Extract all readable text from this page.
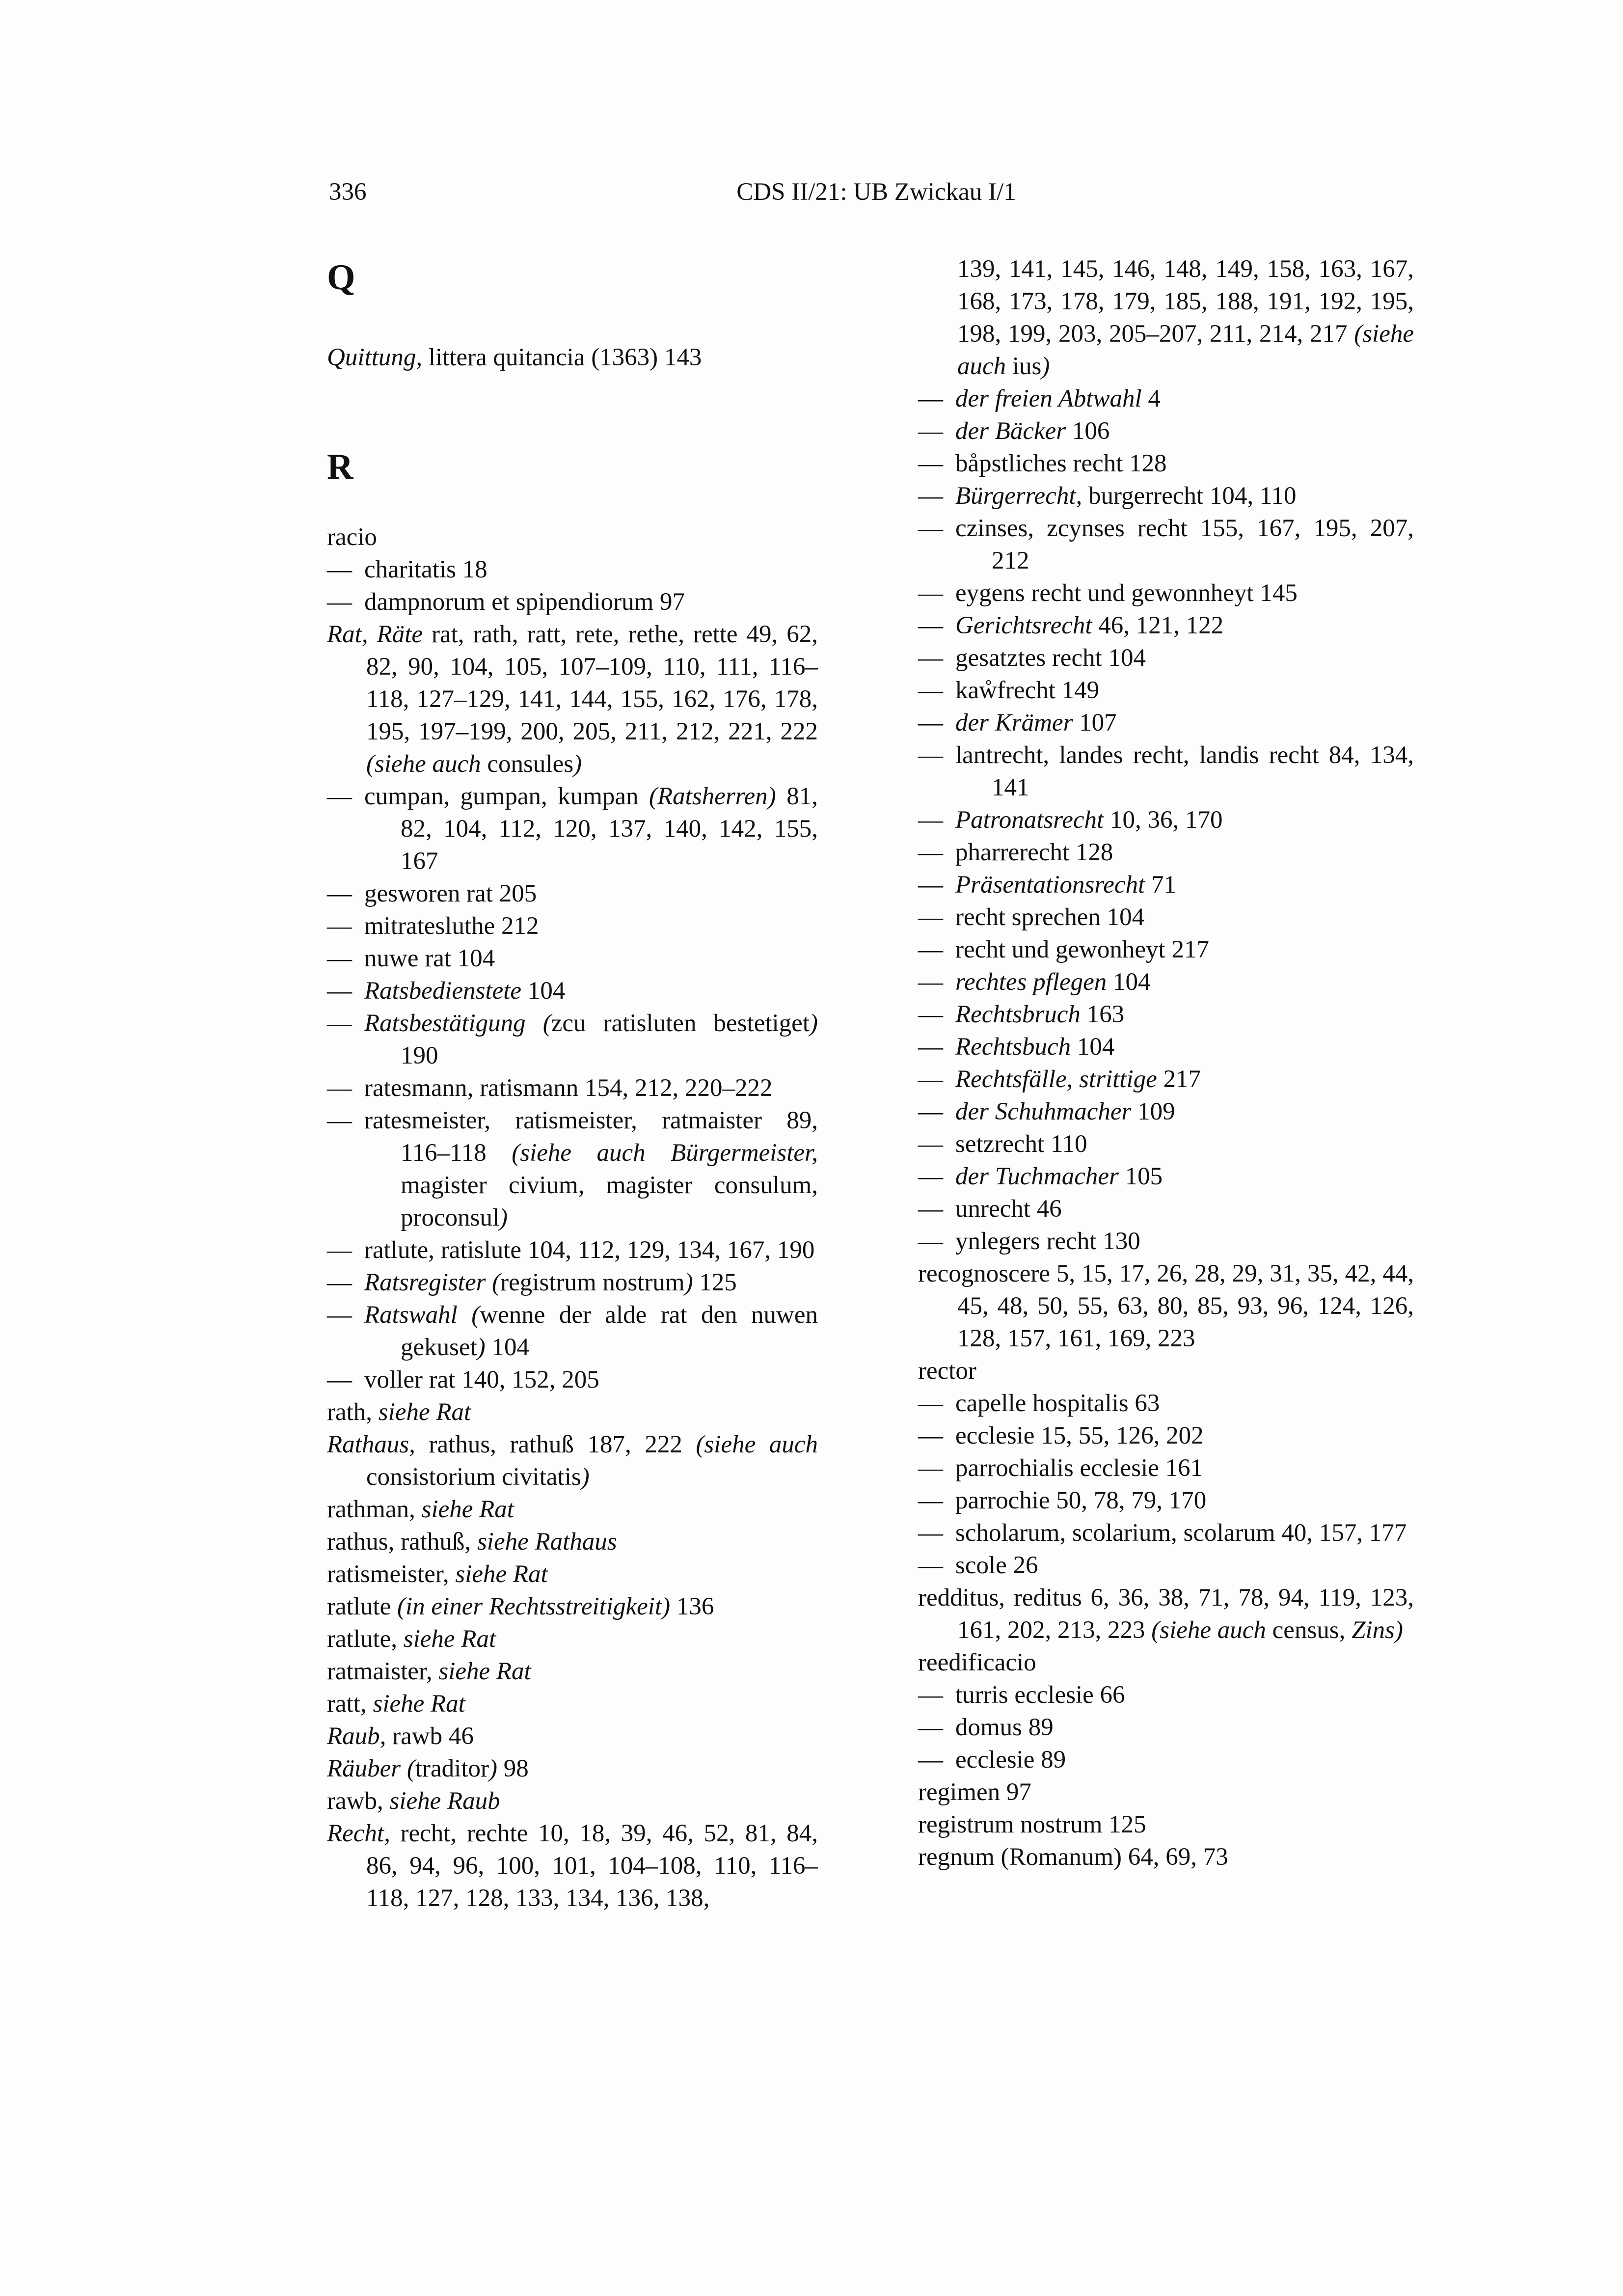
336	CDS II/21: UB Zwickau I/1

Q

Quittung, littera quitancia (1363) 143

R

racio

— charitatis 18

— dampnorum et spipendiorum 97

Rat, Räte rat, rath, ratt, rete, rethe, rette 49, 62, 82, 90, 104, 105, 107–109, 110, 111, 116–118, 127–129, 141, 144, 155, 162, 176, 178, 195, 197–199, 200, 205, 211, 212, 221, 222 (siehe auch consules)

— cumpan, gumpan, kumpan (Ratsherren) 81, 82, 104, 112, 120, 137, 140, 142, 155, 167

— gesworen rat 205

— mitratesluthe 212

— nuwe rat 104

— Ratsbedienstete 104

— Ratsbestätigung (zcu ratisluten bestetiget) 190

— ratesmann, ratismann 154, 212, 220–222

— ratesmeister, ratismeister, ratmaister 89, 116–118 (siehe auch Bürgermeister, magister civium, magister consulum, proconsul)

— ratlute, ratislute 104, 112, 129, 134, 167, 190

— Ratsregister (registrum nostrum) 125

— Ratswahl (wenne der alde rat den nuwen gekuset) 104

— voller rat 140, 152, 205

rath, siehe Rat

Rathaus, rathus, rathuß 187, 222 (siehe auch consistorium civitatis)

rathman, siehe Rat

rathus, rathuß, siehe Rathaus

ratismeister, siehe Rat

ratlute (in einer Rechtsstreitigkeit) 136

ratlute, siehe Rat

ratmaister, siehe Rat

ratt, siehe Rat

Raub, rawb 46

Räuber (traditor) 98

rawb, siehe Raub

Recht, recht, rechte 10, 18, 39, 46, 52, 81, 84, 86, 94, 96, 100, 101, 104–108, 110, 116–118, 127, 128, 133, 134, 136, 138,

139, 141, 145, 146, 148, 149, 158, 163, 167, 168, 173, 178, 179, 185, 188, 191, 192, 195, 198, 199, 203, 205–207, 211, 214, 217 (siehe auch ius)

— der freien Abtwahl 4

— der Bäcker 106

— båpstliches recht 128

— Bürgerrecht, burgerrecht 104, 110

— czinses, zcynses recht 155, 167, 195, 207, 212

— eygens recht und gewonnheyt 145

— Gerichtsrecht 46, 121, 122

— gesatztes recht 104

— kaẘfrecht 149

— der Krämer 107

— lantrecht, landes recht, landis recht 84, 134, 141

— Patronatsrecht 10, 36, 170

— pharrerecht 128

— Präsentationsrecht 71

— recht sprechen 104

— recht und gewonheyt 217

— rechtes pflegen 104

— Rechtsbruch 163

— Rechtsbuch 104

— Rechtsfälle, strittige 217

— der Schuhmacher 109

— setzrecht 110

— der Tuchmacher 105

— unrecht 46

— ynlegers recht 130

recognoscere 5, 15, 17, 26, 28, 29, 31, 35, 42, 44, 45, 48, 50, 55, 63, 80, 85, 93, 96, 124, 126, 128, 157, 161, 169, 223

rector

— capelle hospitalis 63

— ecclesie 15, 55, 126, 202

— parrochialis ecclesie 161

— parrochie 50, 78, 79, 170

— scholarum, scolarium, scolarum 40, 157, 177

— scole 26

redditus, reditus 6, 36, 38, 71, 78, 94, 119, 123, 161, 202, 213, 223 (siehe auch census, Zins)

reedificacio

— turris ecclesie 66

— domus 89

— ecclesie 89

regimen 97

registrum nostrum 125

regnum (Romanum) 64, 69, 73
